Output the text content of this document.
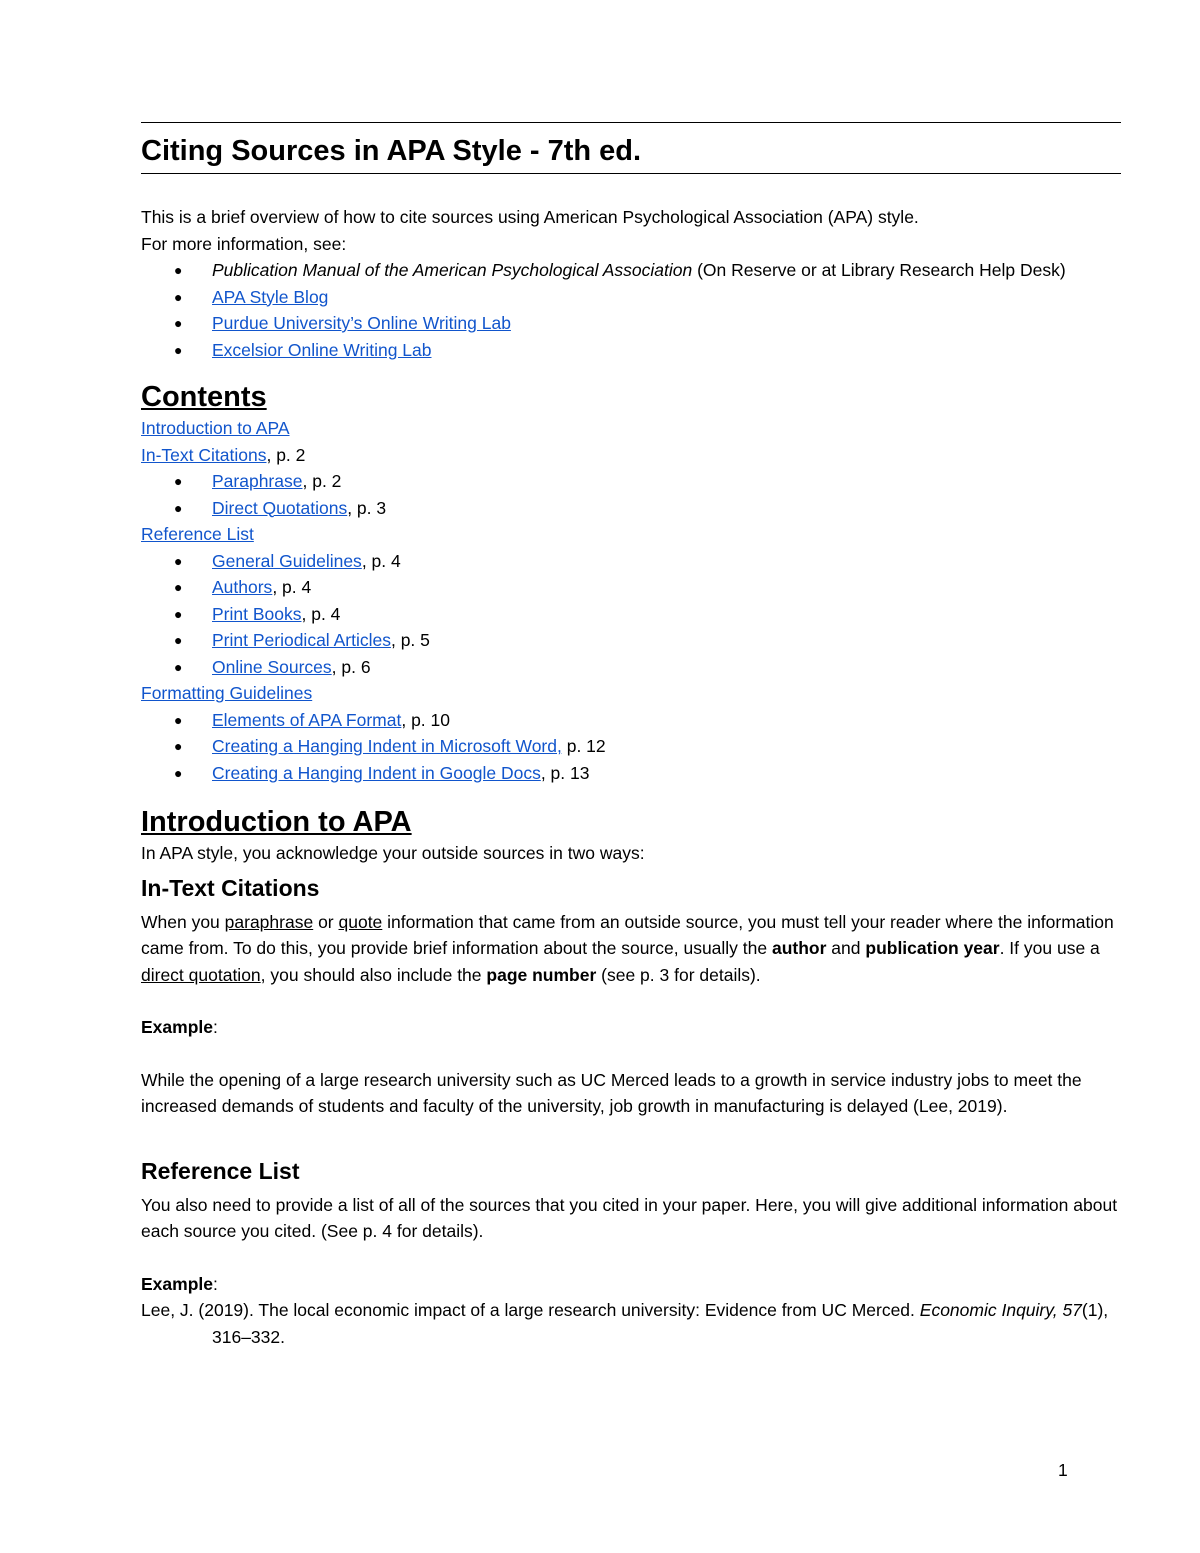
Citing Sources in APA Style - 7th ed.

This is a brief overview of how to cite sources using American Psychological Association (APA) style.

For more information, see:

● Publication Manual of the American Psychological Association (On Reserve or at Library Research Help Desk)
● APA Style Blog
● Purdue University’s Online Writing Lab
● Excelsior Online Writing Lab
Contents

Introduction to APA

In-Text Citations, p. 2

● Paraphrase, p. 2
● Direct Quotations, p. 3

Reference List

● General Guidelines, p. 4
● Authors, p. 4
● Print Books, p. 4
● Print Periodical Articles, p. 5
● Online Sources, p. 6

Formatting Guidelines

● Elements of APA Format, p. 10
● Creating a Hanging Indent in Microsoft Word, p. 12
● Creating a Hanging Indent in Google Docs, p. 13
Introduction to APA

In APA style, you acknowledge your outside sources in two ways:

In-Text Citations

When you paraphrase or quote information that came from an outside source, you must tell your reader where the information came from. To do this, you provide brief information about the source, usually the author and publication year. If you use a direct quotation, you should also include the page number (see p. 3 for details).

Example:

While the opening of a large research university such as UC Merced leads to a growth in service industry jobs to meet the increased demands of students and faculty of the university, job growth in manufacturing is delayed (Lee, 2019).

Reference List

You also need to provide a list of all of the sources that you cited in your paper. Here, you will give additional information about each source you cited. (See p. 4 for details).

Example:

Lee, J. (2019). The local economic impact of a large research university: Evidence from UC Merced. Economic Inquiry, 57(1), 316–332.

1
